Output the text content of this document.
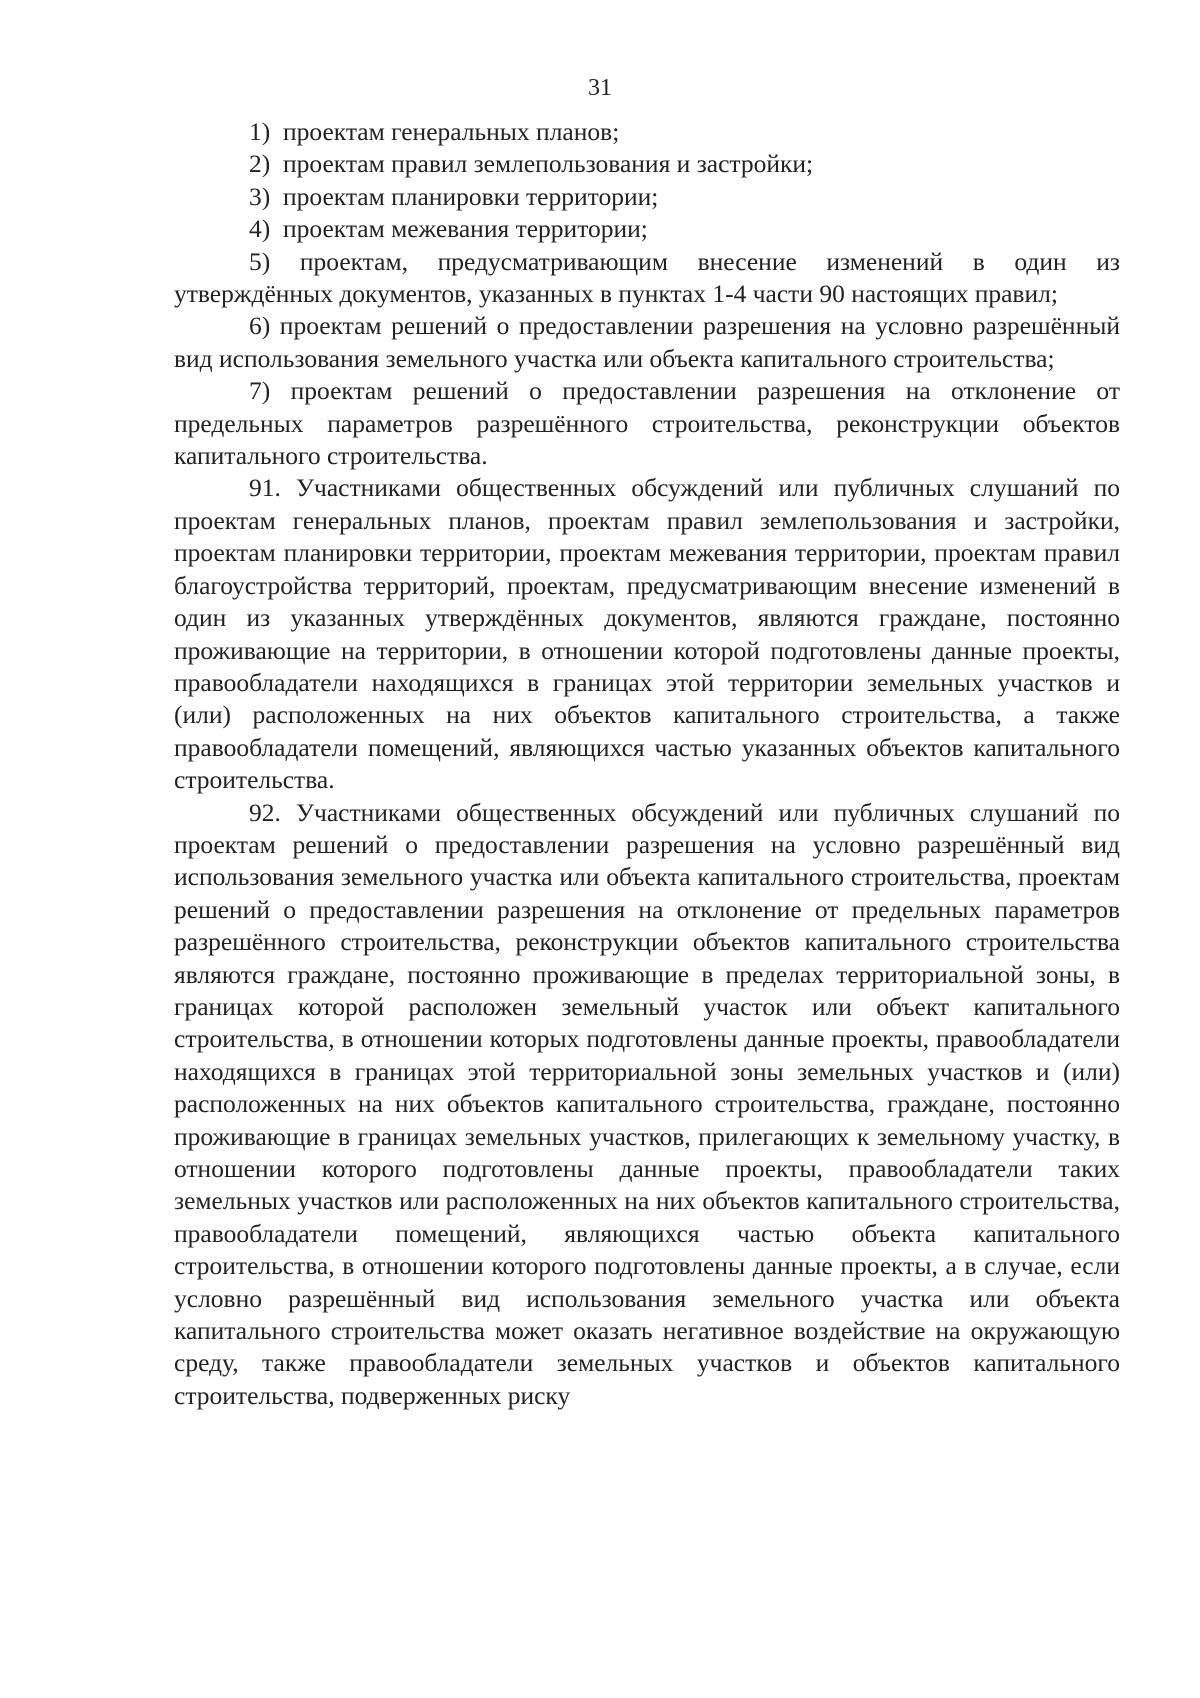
31

1)  проектам генеральных планов;

2)  проектам правил землепользования и застройки;

3)  проектам планировки территории;

4)  проектам межевания территории;

5) проектам, предусматривающим внесение изменений в один из утверждённых документов, указанных в пунктах 1-4 части 90 настоящих правил;

6) проектам решений о предоставлении разрешения на условно разрешённый вид использования земельного участка или объекта капитального строительства;

7) проектам решений о предоставлении разрешения на отклонение от предельных параметров разрешённого строительства, реконструкции объектов капитального строительства.

91. Участниками общественных обсуждений или публичных слушаний по проектам генеральных планов, проектам правил землепользования и застройки, проектам планировки территории, проектам межевания территории, проектам правил благоустройства территорий, проектам, предусматривающим внесение изменений в один из указанных утверждённых документов, являются граждане, постоянно проживающие на территории, в отношении которой подготовлены данные проекты, правообладатели находящихся в границах этой территории земельных участков и (или) расположенных на них объектов капитального строительства, а также правообладатели помещений, являющихся частью указанных объектов капитального строительства.

92. Участниками общественных обсуждений или публичных слушаний по проектам решений о предоставлении разрешения на условно разрешённый вид использования земельного участка или объекта капитального строительства, проектам решений о предоставлении разрешения на отклонение от предельных параметров разрешённого строительства, реконструкции объектов капитального строительства являются граждане, постоянно проживающие в пределах территориальной зоны, в границах которой расположен земельный участок или объект капитального строительства, в отношении которых подготовлены данные проекты, правообладатели находящихся в границах этой территориальной зоны земельных участков и (или) расположенных на них объектов капитального строительства, граждане, постоянно проживающие в границах земельных участков, прилегающих к земельному участку, в отношении которого подготовлены данные проекты, правообладатели таких земельных участков или расположенных на них объектов капитального строительства, правообладатели помещений, являющихся частью объекта капитального строительства, в отношении которого подготовлены данные проекты, а в случае, если условно разрешённый вид использования земельного участка или объекта капитального строительства может оказать негативное воздействие на окружающую среду, также правообладатели земельных участков и объектов капитального строительства, подверженных риску
